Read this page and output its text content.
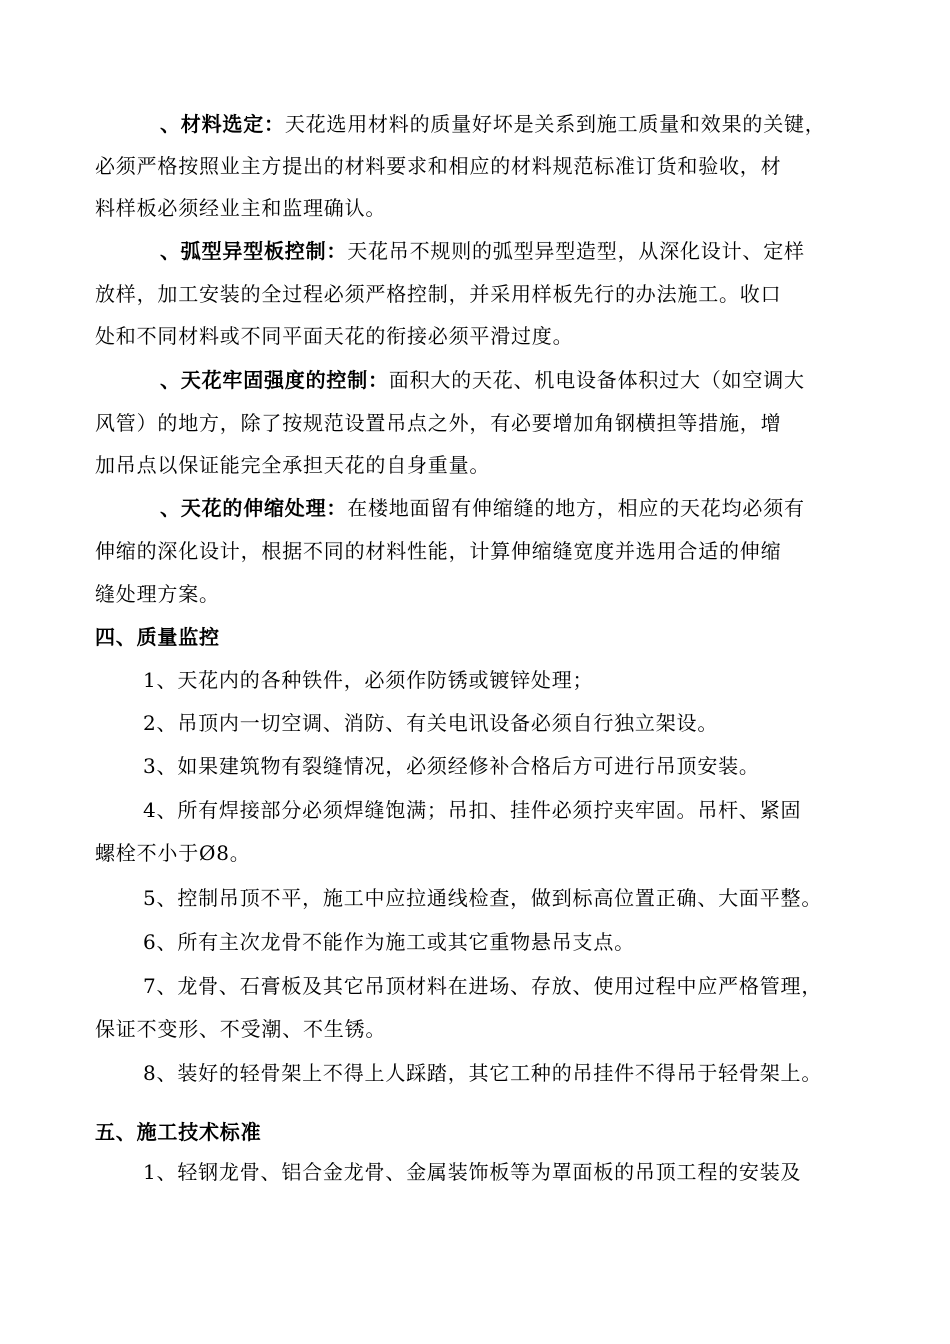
、材料选定：天花选用材料的质量好坏是关系到施工质量和效果的关键，
必须严格按照业主方提出的材料要求和相应的材料规范标准订货和验收，材
料样板必须经业主和监理确认。
、弧型异型板控制：天花吊不规则的弧型异型造型，从深化设计、定样
放样，加工安装的全过程必须严格控制，并采用样板先行的办法施工。收口
处和不同材料或不同平面天花的衔接必须平滑过度。
、天花牢固强度的控制：面积大的天花、机电设备体积过大（如空调大
风管）的地方，除了按规范设置吊点之外，有必要增加角钢横担等措施，增
加吊点以保证能完全承担天花的自身重量。
、天花的伸缩处理：在楼地面留有伸缩缝的地方，相应的天花均必须有
伸缩的深化设计，根据不同的材料性能，计算伸缩缝宽度并选用合适的伸缩
缝处理方案。
四、质量监控
1、天花内的各种铁件，必须作防锈或镀锌处理；
2、吊顶内一切空调、消防、有关电讯设备必须自行独立架设。
3、如果建筑物有裂缝情况，必须经修补合格后方可进行吊顶安装。
4、所有焊接部分必须焊缝饱满；吊扣、挂件必须拧夹牢固。吊杆、紧固
螺栓不小于Ø8。
5、控制吊顶不平，施工中应拉通线检查，做到标高位置正确、大面平整。
6、所有主次龙骨不能作为施工或其它重物悬吊支点。
7、龙骨、石膏板及其它吊顶材料在进场、存放、使用过程中应严格管理，
保证不变形、不受潮、不生锈。
8、装好的轻骨架上不得上人踩踏，其它工种的吊挂件不得吊于轻骨架上。
五、施工技术标准
1、轻钢龙骨、铝合金龙骨、金属装饰板等为罩面板的吊顶工程的安装及
